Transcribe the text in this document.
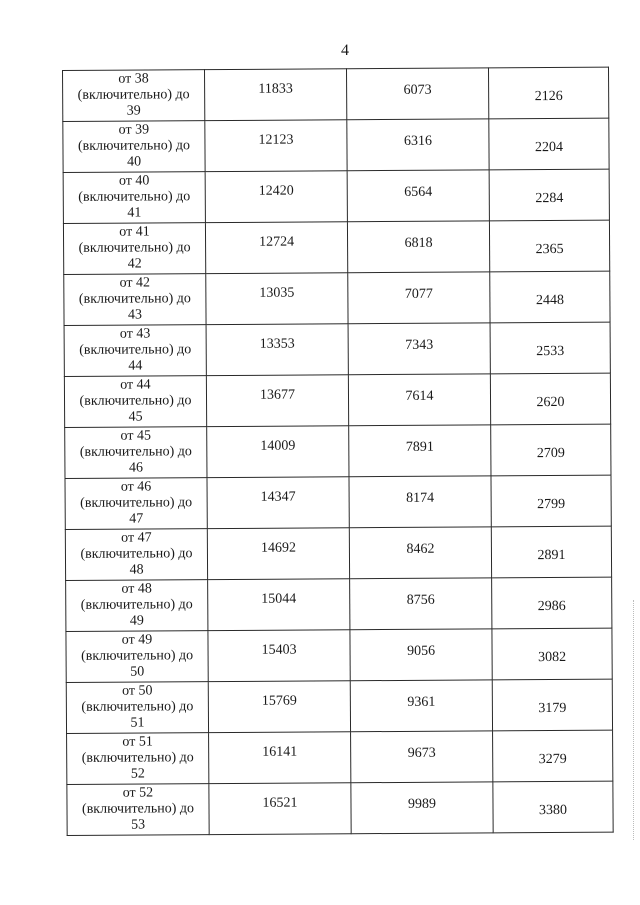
4
от 38
(включительно) до
39	11833	6073	2126

от 39
(включительно) до
40	12123	6316	2204

от 40
(включительно) до
41	12420	6564	2284

от 41
(включительно) до
42	12724	6818	2365

от 42
(включительно) до
43	13035	7077	2448

от 43
(включительно) до
44	13353	7343	2533

от 44
(включительно) до
45	13677	7614	2620

от 45
(включительно) до
46	14009	7891	2709

от 46
(включительно) до
47	14347	8174	2799

от 47
(включительно) до
48	14692	8462	2891

от 48
(включительно) до
49	15044	8756	2986

от 49
(включительно) до
50	15403	9056	3082

от 50
(включительно) до
51	15769	9361	3179

от 51
(включительно) до
52	16141	9673	3279

от 52
(включительно) до
53	16521	9989	3380
